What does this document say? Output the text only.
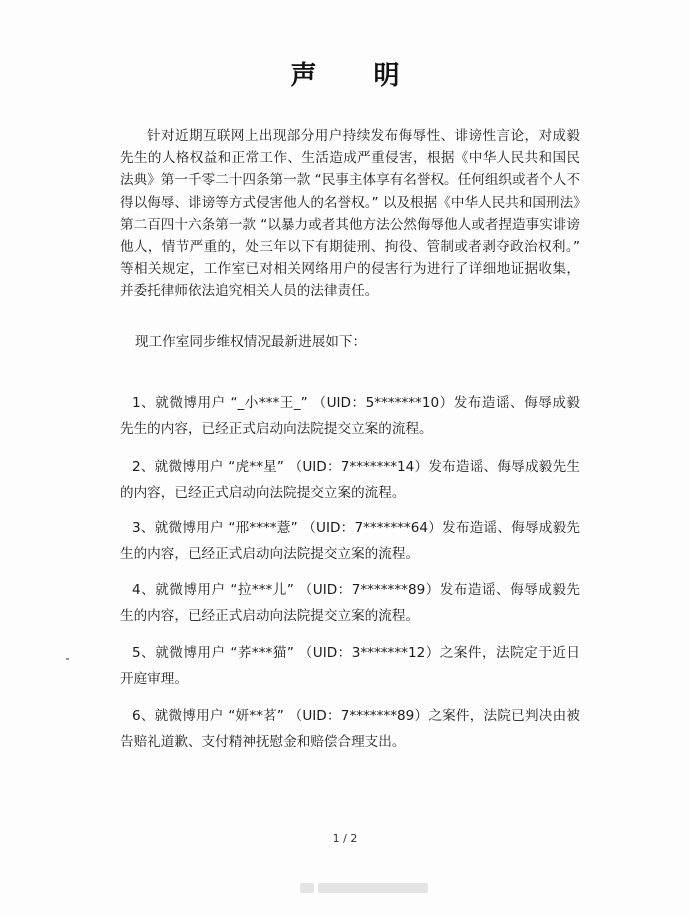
声 明
针对近期互联网上出现部分用户持续发布侮辱性、诽谤性言论，对成毅先生的人格权益和正常工作、生活造成严重侵害，根据《中华人民共和国民法典》第一千零二十四条第一款 “民事主体享有名誉权。任何组织或者个人不得以侮辱、诽谤等方式侵害他人的名誉权。” 以及根据《中华人民共和国刑法》第二百四十六条第一款 “以暴力或者其他方法公然侮辱他人或者捏造事实诽谤他人，情节严重的，处三年以下有期徒刑、拘役、管制或者剥夺政治权利。” 等相关规定，工作室已对相关网络用户的侵害行为进行了详细地证据收集，并委托律师依法追究相关人员的法律责任。
现工作室同步维权情况最新进展如下：
1、就微博用户 “_小***王_” （UID：5*******10）发布造谣、侮辱成毅先生的内容，已经正式启动向法院提交立案的流程。
2、就微博用户 “虎**星” （UID：7*******14）发布造谣、侮辱成毅先生的内容，已经正式启动向法院提交立案的流程。
3、就微博用户 “邢****薏” （UID：7*******64）发布造谣、侮辱成毅先生的内容，已经正式启动向法院提交立案的流程。
4、就微博用户 “拉***儿” （UID：7*******89）发布造谣、侮辱成毅先生的内容，已经正式启动向法院提交立案的流程。
5、就微博用户 “荞***猫” （UID：3*******12）之案件，法院定于近日开庭审理。
6、就微博用户 “妍**茗” （UID：7*******89）之案件，法院已判决由被告赔礼道歉、支付精神抚慰金和赔偿合理支出。
1 / 2
